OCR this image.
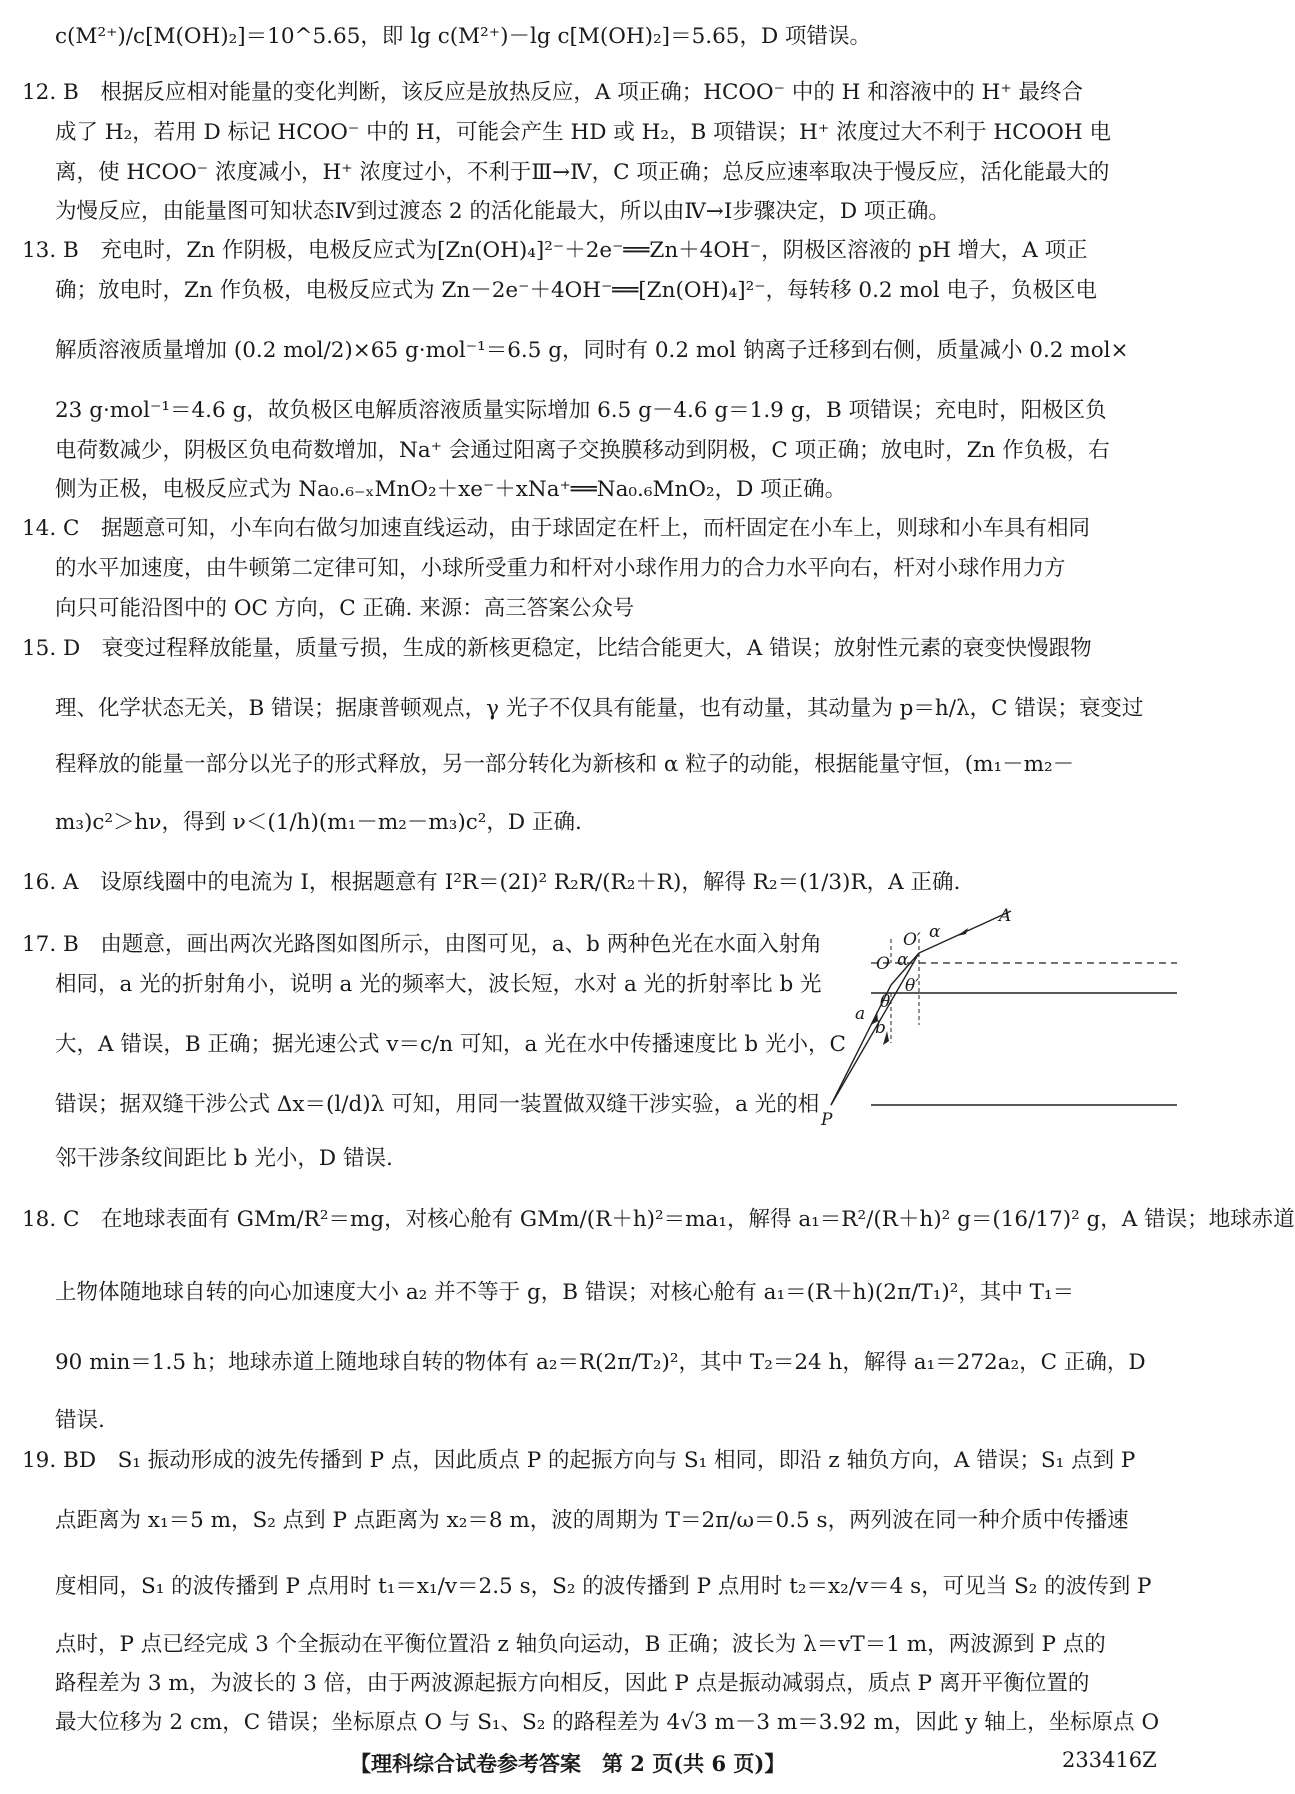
c(M²⁺)/c[M(OH)₂]＝10^5.65，即 lg c(M²⁺)－lg c[M(OH)₂]＝5.65，D 项错误。
12. B　根据反应相对能量的变化判断，该反应是放热反应，A 项正确；HCOO⁻ 中的 H 和溶液中的 H⁺ 最终合
成了 H₂，若用 D 标记 HCOO⁻ 中的 H，可能会产生 HD 或 H₂，B 项错误；H⁺ 浓度过大不利于 HCOOH 电
离，使 HCOO⁻ 浓度减小，H⁺ 浓度过小，不利于Ⅲ→Ⅳ，C 项正确；总反应速率取决于慢反应，活化能最大的
为慢反应，由能量图可知状态Ⅳ到过渡态 2 的活化能最大，所以由Ⅳ→Ⅰ步骤决定，D 项正确。
13. B　充电时，Zn 作阴极，电极反应式为[Zn(OH)₄]²⁻＋2e⁻══Zn＋4OH⁻，阴极区溶液的 pH 增大，A 项正
确；放电时，Zn 作负极，电极反应式为 Zn－2e⁻＋4OH⁻══[Zn(OH)₄]²⁻，每转移 0.2 mol 电子，负极区电
解质溶液质量增加 (0.2 mol/2)×65 g·mol⁻¹＝6.5 g，同时有 0.2 mol 钠离子迁移到右侧，质量减小 0.2 mol×
23 g·mol⁻¹＝4.6 g，故负极区电解质溶液质量实际增加 6.5 g－4.6 g＝1.9 g，B 项错误；充电时，阳极区负
电荷数减少，阴极区负电荷数增加，Na⁺ 会通过阳离子交换膜移动到阴极，C 项正确；放电时，Zn 作负极，右
侧为正极，电极反应式为 Na₀.₆₋ₓMnO₂＋xe⁻＋xNa⁺══Na₀.₆MnO₂，D 项正确。
14. C　据题意可知，小车向右做匀加速直线运动，由于球固定在杆上，而杆固定在小车上，则球和小车具有相同
的水平加速度，由牛顿第二定律可知，小球所受重力和杆对小球作用力的合力水平向右，杆对小球作用力方
向只可能沿图中的 OC 方向，C 正确. 来源：高三答案公众号
15. D　衰变过程释放能量，质量亏损，生成的新核更稳定，比结合能更大，A 错误；放射性元素的衰变快慢跟物
理、化学状态无关，B 错误；据康普顿观点，γ 光子不仅具有能量，也有动量，其动量为 p＝h/λ，C 错误；衰变过
程释放的能量一部分以光子的形式释放，另一部分转化为新核和 α 粒子的动能，根据能量守恒，(m₁－m₂－
m₃)c²＞hν，得到 ν＜(1/h)(m₁－m₂－m₃)c²，D 正确.
16. A　设原线圈中的电流为 I，根据题意有 I²R＝(2I)² R₂R/(R₂＋R)，解得 R₂＝(1/3)R，A 正确.
17. B　由题意，画出两次光路图如图所示，由图可见，a、b 两种色光在水面入射角
相同，a 光的折射角小，说明 a 光的频率大，波长短，水对 a 光的折射率比 b 光
大，A 错误，B 正确；据光速公式 v＝c/n 可知，a 光在水中传播速度比 b 光小，C
错误；据双缝干涉公式 Δx＝(l/d)λ 可知，用同一装置做双缝干涉实验，a 光的相
邻干涉条纹间距比 b 光小，D 错误.
18. C　在地球表面有 GMm/R²＝mg，对核心舱有 GMm/(R＋h)²＝ma₁，解得 a₁＝R²/(R＋h)² g＝(16/17)² g，A 错误；地球赤道
上物体随地球自转的向心加速度大小 a₂ 并不等于 g，B 错误；对核心舱有 a₁＝(R＋h)(2π/T₁)²，其中 T₁＝
90 min＝1.5 h；地球赤道上随地球自转的物体有 a₂＝R(2π/T₂)²，其中 T₂＝24 h，解得 a₁＝272a₂，C 正确，D
错误.
19. BD　S₁ 振动形成的波先传播到 P 点，因此质点 P 的起振方向与 S₁ 相同，即沿 z 轴负方向，A 错误；S₁ 点到 P
点距离为 x₁＝5 m，S₂ 点到 P 点距离为 x₂＝8 m，波的周期为 T＝2π/ω＝0.5 s，两列波在同一种介质中传播速
度相同，S₁ 的波传播到 P 点用时 t₁＝x₁/v＝2.5 s，S₂ 的波传播到 P 点用时 t₂＝x₂/v＝4 s，可见当 S₂ 的波传到 P
点时，P 点已经完成 3 个全振动在平衡位置沿 z 轴负向运动，B 正确；波长为 λ＝vT＝1 m，两波源到 P 点的
路程差为 3 m，为波长的 3 倍，由于两波源起振方向相反，因此 P 点是振动减弱点，质点 P 离开平衡位置的
最大位移为 2 cm，C 错误；坐标原点 O 与 S₁、S₂ 的路程差为 4√3 m－3 m＝3.92 m，因此 y 轴上，坐标原点 O
A
O′ α
O α
θ′
θ
a
b
P
【理科综合试卷参考答案　第 2 页(共 6 页)】	233416Z
